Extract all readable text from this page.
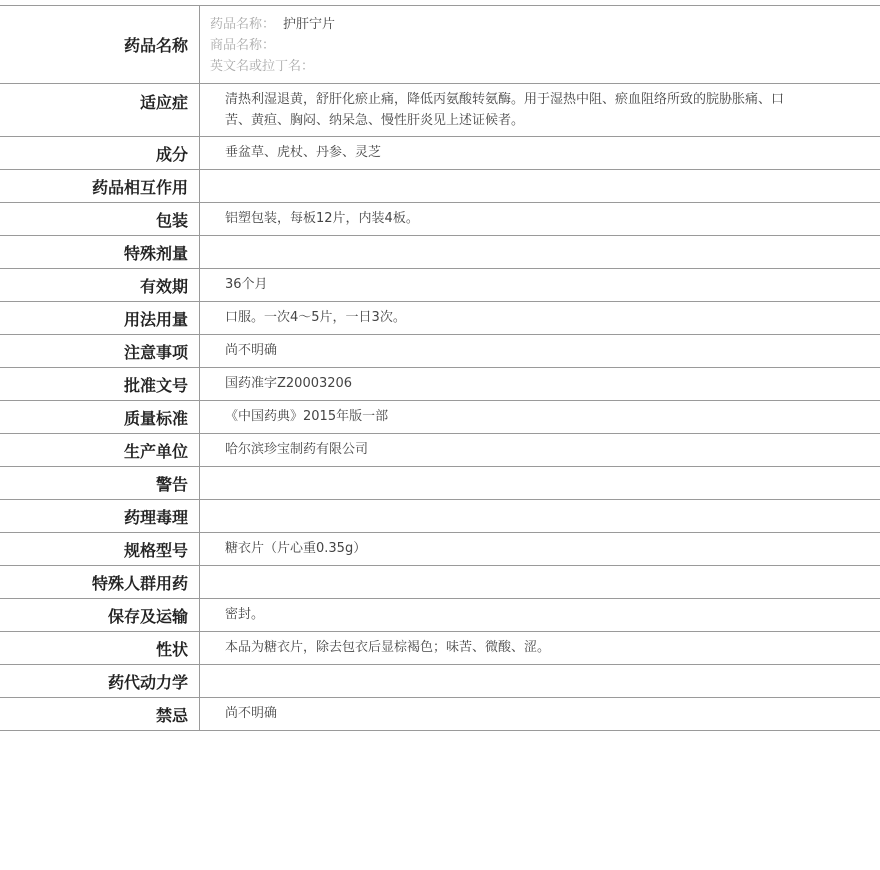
药品名称
药品名称： 护肝宁片
商品名称：
英文名或拉丁名：
适应症	清热利湿退黄，舒肝化瘀止痛，降低丙氨酸转氨酶。用于湿热中阻、瘀血阻络所致的脘胁胀痛、口苦、黄疸、胸闷、纳呆急、慢性肝炎见上述证候者。
成分	垂盆草、虎杖、丹参、灵芝
药品相互作用
包装	铝塑包装，每板12片，内装4板。
特殊剂量
有效期	36个月
用法用量	口服。一次4～5片，一日3次。
注意事项	尚不明确
批准文号	国药准字Z20003206
质量标准	《中国药典》2015年版一部
生产单位	哈尔滨珍宝制药有限公司
警告
药理毒理
规格型号	糖衣片（片心重0.35g）
特殊人群用药
保存及运输	密封。
性状	本品为糖衣片，除去包衣后显棕褐色；味苦、微酸、涩。
药代动力学
禁忌	尚不明确
